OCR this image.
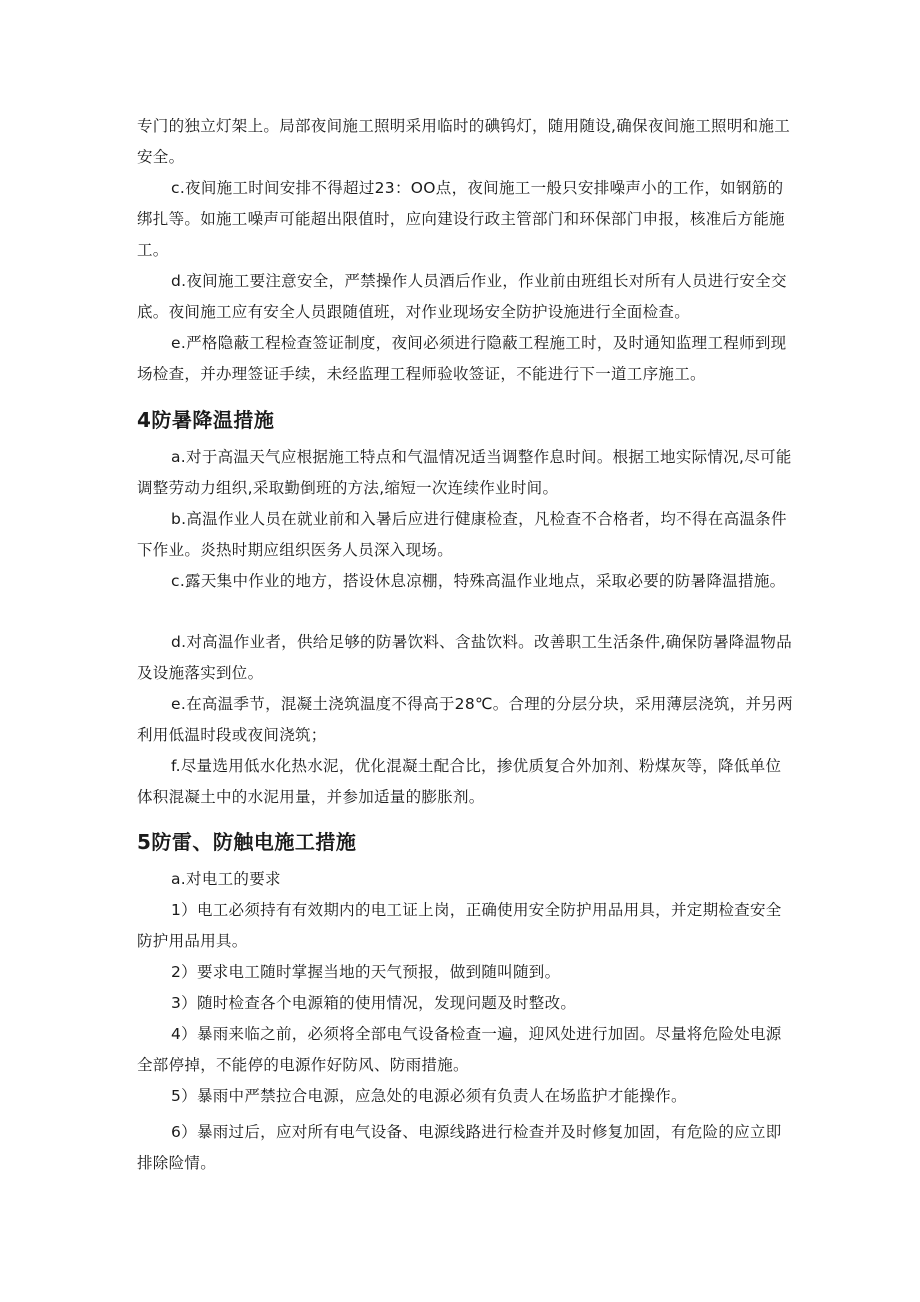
专门的独立灯架上。局部夜间施工照明采用临时的碘钨灯，随用随设,确保夜间施工照明和施工安全。

c.夜间施工时间安排不得超过23：OO点，夜间施工一般只安排噪声小的工作，如钢筋的绑扎等。如施工噪声可能超出限值时，应向建设行政主管部门和环保部门申报，核准后方能施工。

d.夜间施工要注意安全，严禁操作人员酒后作业，作业前由班组长对所有人员进行安全交底。夜间施工应有安全人员跟随值班，对作业现场安全防护设施进行全面检查。

e.严格隐蔽工程检查签证制度，夜间必须进行隐蔽工程施工时，及时通知监理工程师到现场检查，并办理签证手续，未经监理工程师验收签证，不能进行下一道工序施工。

4防暑降温措施

a.对于高温天气应根据施工特点和气温情况适当调整作息时间。根据工地实际情况,尽可能调整劳动力组织,采取勤倒班的方法,缩短一次连续作业时间。

b.高温作业人员在就业前和入暑后应进行健康检查，凡检查不合格者，均不得在高温条件下作业。炎热时期应组织医务人员深入现场。

c.露天集中作业的地方，搭设休息凉棚，特殊高温作业地点，采取必要的防暑降温措施。

d.对高温作业者，供给足够的防暑饮料、含盐饮料。改善职工生活条件,确保防暑降温物品及设施落实到位。

e.在高温季节，混凝土浇筑温度不得高于28℃。合理的分层分块，采用薄层浇筑，并另两利用低温时段或夜间浇筑；

f.尽量选用低水化热水泥，优化混凝土配合比，掺优质复合外加剂、粉煤灰等，降低单位体积混凝土中的水泥用量，并参加适量的膨胀剂。

5防雷、防触电施工措施

a.对电工的要求

1）电工必须持有有效期内的电工证上岗，正确使用安全防护用品用具，并定期检查安全防护用品用具。

2）要求电工随时掌握当地的天气预报，做到随叫随到。

3）随时检查各个电源箱的使用情况，发现问题及时整改。

4）暴雨来临之前，必须将全部电气设备检查一遍，迎风处进行加固。尽量将危险处电源全部停掉，不能停的电源作好防风、防雨措施。

5）暴雨中严禁拉合电源，应急处的电源必须有负责人在场监护才能操作。

6）暴雨过后，应对所有电气设备、电源线路进行检查并及时修复加固，有危险的应立即排除险情。
